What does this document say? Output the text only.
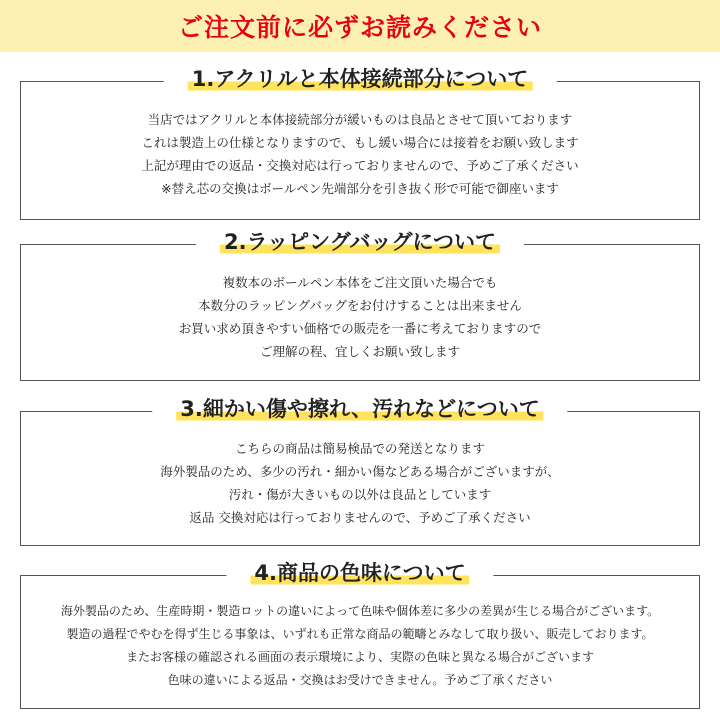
ご注文前に必ずお読みください
1.アクリルと本体接続部分について
当店ではアクリルと本体接続部分が緩いものは良品とさせて頂いております
これは製造上の仕様となりますので、もし緩い場合には接着をお願い致します
上記が理由での返品・交換対応は行っておりませんので、予めご了承ください
※替え芯の交換はボールペン先端部分を引き抜く形で可能で御座います
2.ラッピングバッグについて
複数本のボールペン本体をご注文頂いた場合でも
本数分のラッピングバッグをお付けすることは出来ません
お買い求め頂きやすい価格での販売を一番に考えておりますので
ご理解の程、宜しくお願い致します
3.細かい傷や擦れ、汚れなどについて
こちらの商品は簡易検品での発送となります
海外製品のため、多少の汚れ・細かい傷などある場合がございますが、
汚れ・傷が大きいもの以外は良品としています
返品 交換対応は行っておりませんので、予めご了承ください
4.商品の色味について
海外製品のため、生産時期・製造ロットの違いによって色味や個体差に多少の差異が生じる場合がございます。
製造の過程でやむを得ず生じる事象は、いずれも正常な商品の範疇とみなして取り扱い、販売しております。
またお客様の確認される画面の表示環境により、実際の色味と異なる場合がございます
色味の違いによる返品・交換はお受けできません。予めご了承ください
